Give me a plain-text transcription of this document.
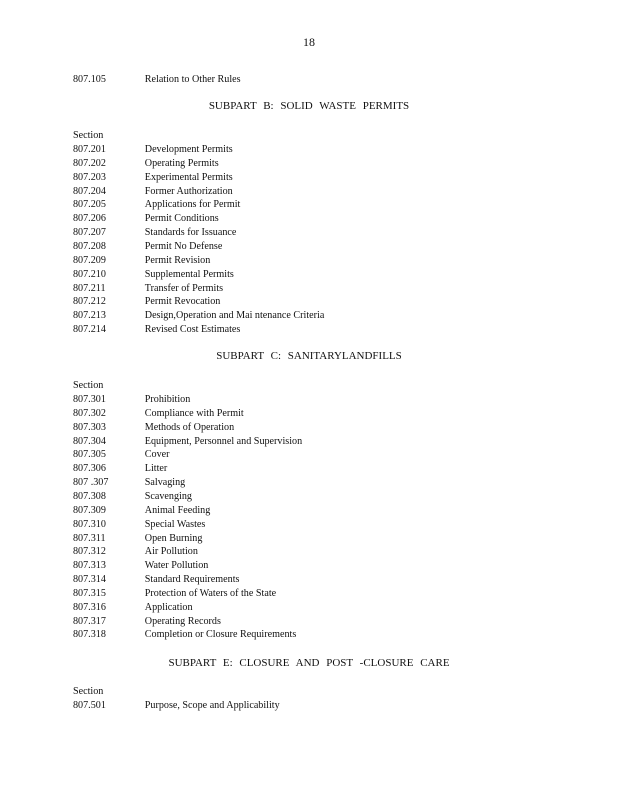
18
807.105	Relation to Other Rules
SUBPART B: SOLID WASTE PERMITS
Section
SUBPART C: SANITARYLANDFILLS
Section
SUBPART E: CLOSURE AND POST -CLOSURE CARE
Section
807.201	Development Permits
807.202	Operating Permits
807.203	Experimental Permits
807.204	Former Authorization
807.205	Applications for Permit
807.206	Permit Conditions
807.207	Standards for Issuance
807.208	Permit No Defense
807.209	Permit Revision
807.210	Supplemental Permits
807.211	Transfer of Permits
807.212	Permit Revocation
807.213	Design,Operation and Mai ntenance Criteria
807.214	Revised Cost Estimates
807.301	Prohibition
807.302	Compliance with Permit
807.303	Methods of Operation
807.304	Equipment, Personnel and Supervision
807.305	Cover
807.306	Litter
807 .307	Salvaging
807.308	Scavenging
807.309	Animal Feeding
807.310	Special Wastes
807.311	Open Burning
807.312	Air Pollution
807.313	Water Pollution
807.314	Standard Requirements
807.315	Protection of Waters of the State
807.316	Application
807.317	Operating Records
807.318	Completion or Closure Requirements
807.501	Purpose, Scope and Applicability
